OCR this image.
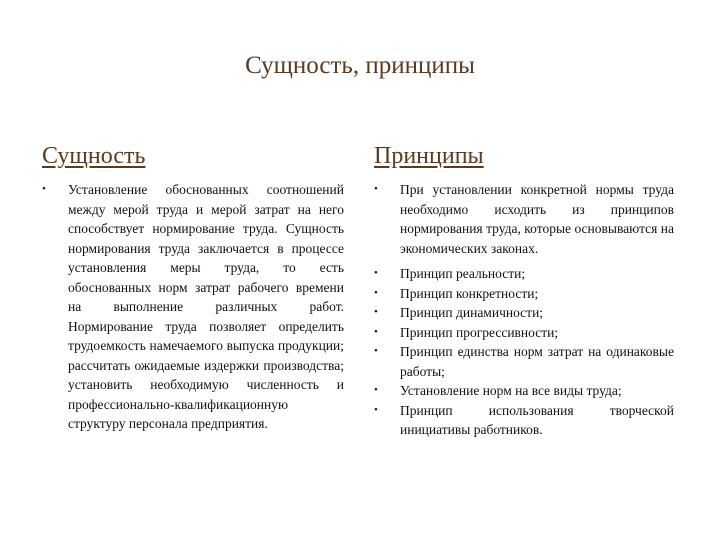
Сущность, принципы
Сущность
• Установление обоснованных соотношений между мерой труда и мерой затрат на него способствует нормирование труда. Сущность нормирования труда заключается в процессе установления меры труда, то есть обоснованных норм затрат рабочего времени на выполнение различных работ. Нормирование труда позволяет определить трудоемкость намечаемого выпуска продукции; рассчитать ожидаемые издержки производства; установить необходимую численность и профессионально-квалификационную структуру персонала предприятия.
Принципы
• При установлении конкретной нормы труда необходимо исходить из принципов нормирования труда, которые основываются на экономических законах.
• Принцип реальности;
• Принцип конкретности;
• Принцип динамичности;
• Принцип прогрессивности;
• Принцип единства норм затрат на одинаковые работы;
• Установление норм на все виды труда;
• Принцип использования творческой инициативы работников.
